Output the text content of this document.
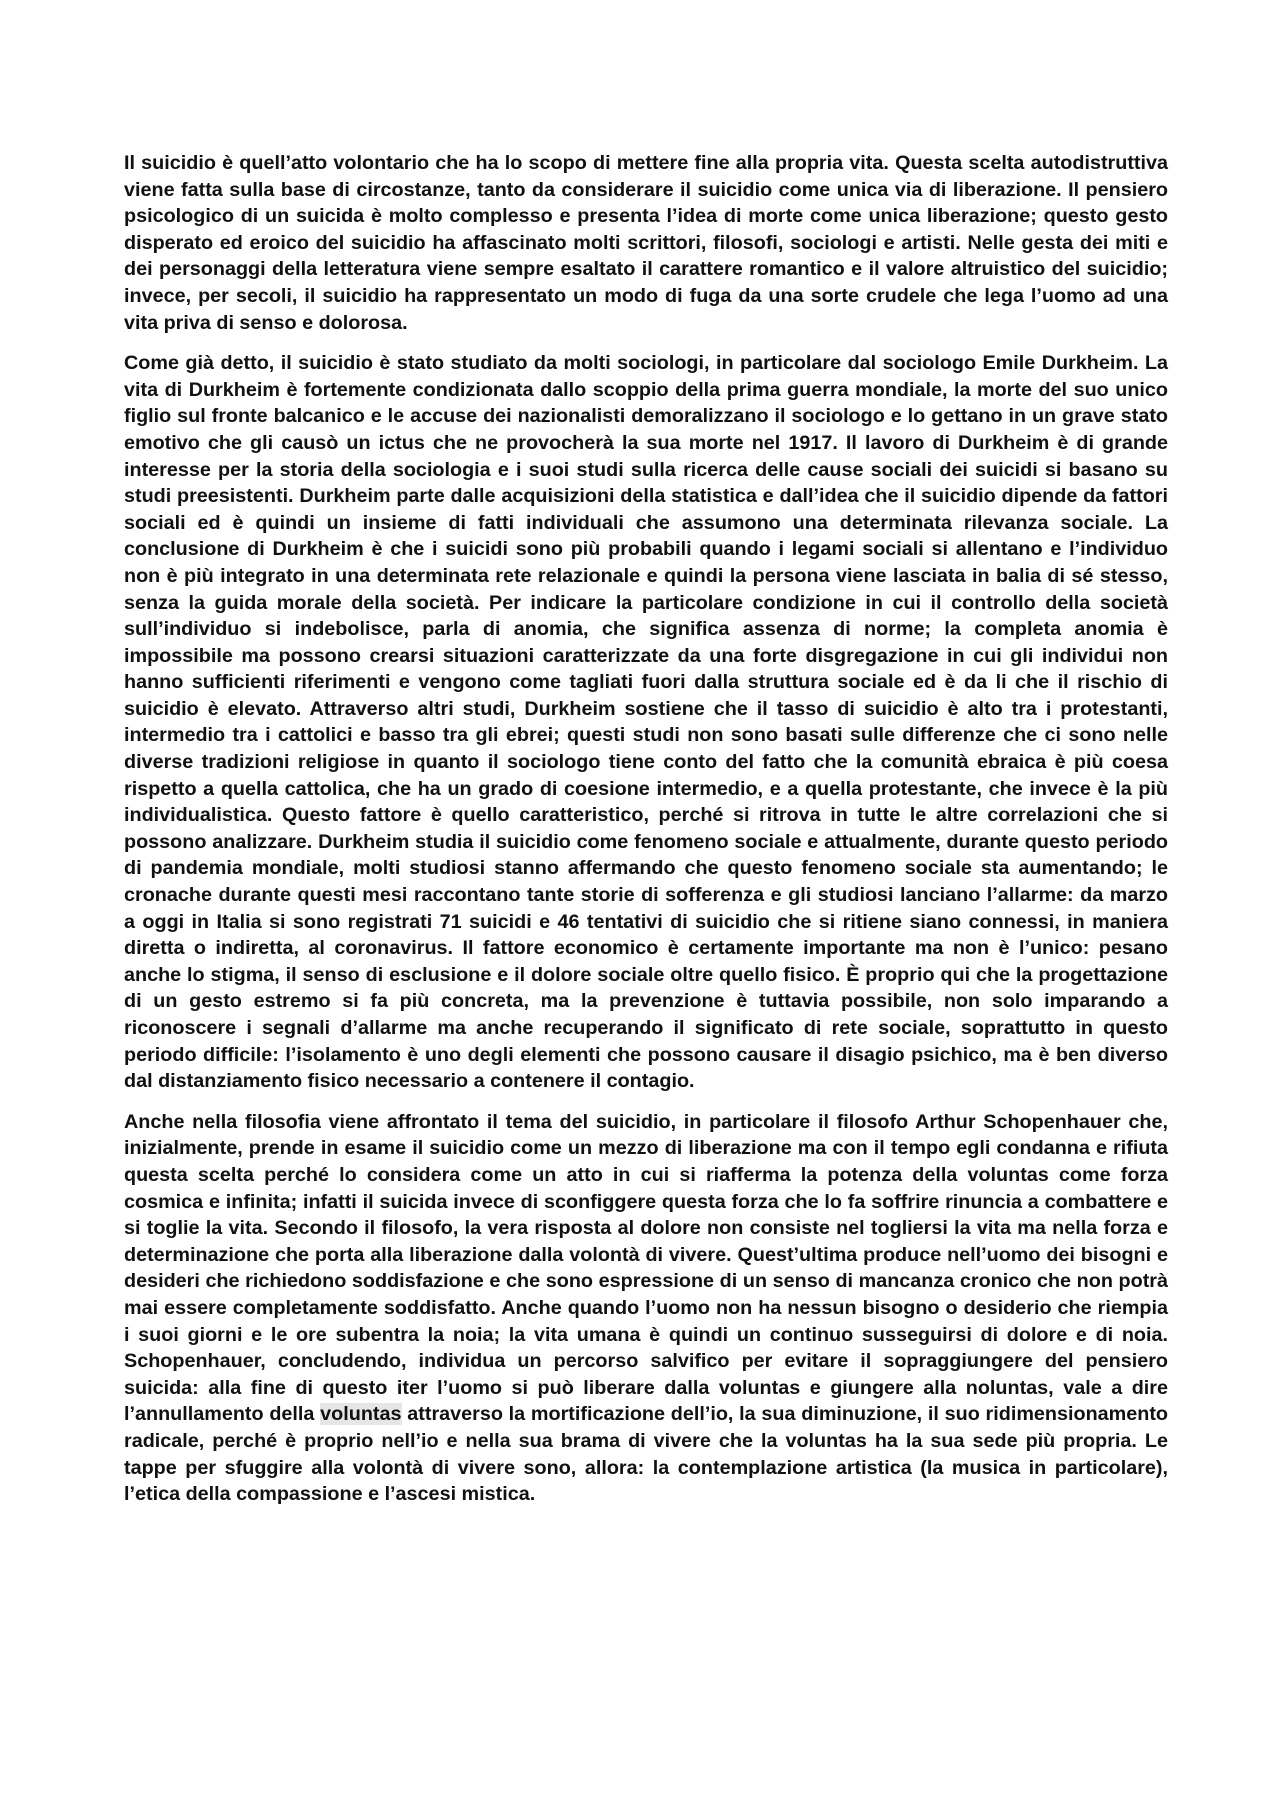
Il suicidio è quell’atto volontario che ha lo scopo di mettere fine alla propria vita. Questa scelta autodistruttiva viene fatta sulla base di circostanze, tanto da considerare il suicidio come unica via di liberazione. Il pensiero psicologico di un suicida è molto complesso e presenta l’idea di morte come unica liberazione; questo gesto disperato ed eroico del suicidio ha affascinato molti scrittori, filosofi, sociologi e artisti. Nelle gesta dei miti e dei personaggi della letteratura viene sempre esaltato il carattere romantico e il valore altruistico del suicidio; invece, per secoli, il suicidio ha rappresentato un modo di fuga da una sorte crudele che lega l’uomo ad una vita priva di senso e dolorosa.

Come già detto, il suicidio è stato studiato da molti sociologi, in particolare dal sociologo Emile Durkheim. La vita di Durkheim è fortemente condizionata dallo scoppio della prima guerra mondiale, la morte del suo unico figlio sul fronte balcanico e le accuse dei nazionalisti demoralizzano il sociologo e lo gettano in un grave stato emotivo che gli causò un ictus che ne provocherà la sua morte nel 1917. Il lavoro di Durkheim è di grande interesse per la storia della sociologia e i suoi studi sulla ricerca delle cause sociali dei suicidi si basano su studi preesistenti. Durkheim parte dalle acquisizioni della statistica e dall’idea che il suicidio dipende da fattori sociali ed è quindi un insieme di fatti individuali che assumono una determinata rilevanza sociale. La conclusione di Durkheim è che i suicidi sono più probabili quando i legami sociali si allentano e l’individuo non è più integrato in una determinata rete relazionale e quindi la persona viene lasciata in balia di sé stesso, senza la guida morale della società. Per indicare la particolare condizione in cui il controllo della società sull’individuo si indebolisce, parla di anomia, che significa assenza di norme; la completa anomia è impossibile ma possono crearsi situazioni caratterizzate da una forte disgregazione in cui gli individui non hanno sufficienti riferimenti e vengono come tagliati fuori dalla struttura sociale ed è da li che il rischio di suicidio è elevato. Attraverso altri studi, Durkheim sostiene che il tasso di suicidio è alto tra i protestanti, intermedio tra i cattolici e basso tra gli ebrei; questi studi non sono basati sulle differenze che ci sono nelle diverse tradizioni religiose in quanto il sociologo tiene conto del fatto che la comunità ebraica è più coesa rispetto a quella cattolica, che ha un grado di coesione intermedio, e a quella protestante, che invece è la più individualistica. Questo fattore è quello caratteristico, perché si ritrova in tutte le altre correlazioni che si possono analizzare. Durkheim studia il suicidio come fenomeno sociale e attualmente, durante questo periodo di pandemia mondiale, molti studiosi stanno affermando che questo fenomeno sociale sta aumentando; le cronache durante questi mesi raccontano tante storie di sofferenza e gli studiosi lanciano l’allarme: da marzo a oggi in Italia si sono registrati 71 suicidi e 46 tentativi di suicidio che si ritiene siano connessi, in maniera diretta o indiretta, al coronavirus. Il fattore economico è certamente importante ma non è l’unico: pesano anche lo stigma, il senso di esclusione e il dolore sociale oltre quello fisico. È proprio qui che la progettazione di un gesto estremo si fa più concreta, ma la prevenzione è tuttavia possibile, non solo imparando a riconoscere i segnali d’allarme ma anche recuperando il significato di rete sociale, soprattutto in questo periodo difficile: l’isolamento è uno degli elementi che possono causare il disagio psichico, ma è ben diverso dal distanziamento fisico necessario a contenere il contagio.

Anche nella filosofia viene affrontato il tema del suicidio, in particolare il filosofo Arthur Schopenhauer che, inizialmente, prende in esame il suicidio come un mezzo di liberazione ma con il tempo egli condanna e rifiuta questa scelta perché lo considera come un atto in cui si riafferma la potenza della voluntas come forza cosmica e infinita; infatti il suicida invece di sconfiggere questa forza che lo fa soffrire rinuncia a combattere e si toglie la vita. Secondo il filosofo, la vera risposta al dolore non consiste nel togliersi la vita ma nella forza e determinazione che porta alla liberazione dalla volontà di vivere. Quest’ultima produce nell’uomo dei bisogni e desideri che richiedono soddisfazione e che sono espressione di un senso di mancanza cronico che non potrà mai essere completamente soddisfatto. Anche quando l’uomo non ha nessun bisogno o desiderio che riempia i suoi giorni e le ore subentra la noia; la vita umana è quindi un continuo susseguirsi di dolore e di noia. Schopenhauer, concludendo, individua un percorso salvifico per evitare il sopraggiungere del pensiero suicida: alla fine di questo iter l’uomo si può liberare dalla voluntas e giungere alla noluntas, vale a dire l’annullamento della voluntas attraverso la mortificazione dell’io, la sua diminuzione, il suo ridimensionamento radicale, perché è proprio nell’io e nella sua brama di vivere che la voluntas ha la sua sede più propria. Le tappe per sfuggire alla volontà di vivere sono, allora: la contemplazione artistica (la musica in particolare), l’etica della compassione e l’ascesi mistica.
